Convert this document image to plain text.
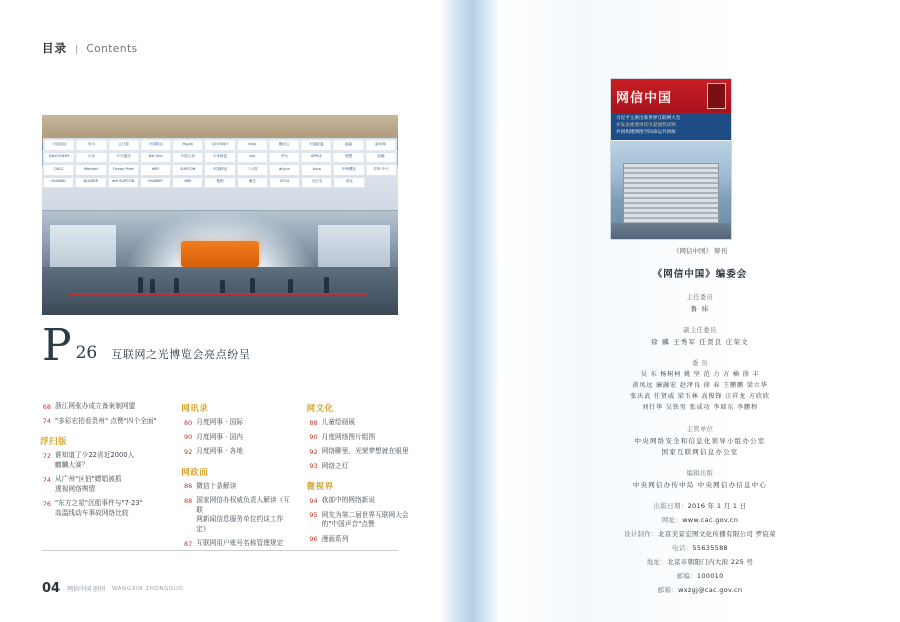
目录 | Contents
中国电信	华为	云计算	中国移动	P&afe	CESTNET	VISA	腾讯云	中国联通	滴滴	新华网
DISCOVERY	小米	中兴通讯	Bai Shu	中国人寿	小米科技	yes	华为	APPLE	联想	浪潮
CNCC	Marriott	Ocean Print	WIFI	SUPCON	中国移动	三六零	aliyun	Aura	中科曙光	ZTE 中兴
HUAWEI	BLADER	wifi SUPCON	HUAWEI	IBM	搜狗	淘宝	CFCA	支付宝	用友
P 26 互联网之光博览会亮点纷呈
68 浙江网张办成立备案制网盟
74 "多彩宏拍看贵州" 点赞"四个全面"
浮扫版
72 谁知道了少22省近2000人
麒麟大赛？
74 从广州"区伯"嫖娼被抓
透视网络舆情
76 "东方之星"沉船事件与"7·23"
高温线动车事故网络比较
网讯录
80 月度网事 · 国际
90 月度网事 · 国内
92 月度网事 · 各地
网政面
86 微信十条解读
88 国家网信办权威负责人解读《互联
网新闻信息服务单位约谈工作定》
87 互联网用户账号名称管理规定
网文化
88 儿童绘画展
90 月度网络图片组图
92 网络聊里、光荣梦想就在眼里
93 网络之灯
微视界
94 我部中的网络新说
95 网友为第二届世界互联网大会
的"中国声音"点赞
96 漫画系列
04 网信中国 创刊 WANGXIN ZHONGGUO
网信中国
习近平主席出席世界互联网大会
并发表重要讲话引起强烈反响
共同构建网络空间命运共同体
《网信中国》 辩刊
《网信中国》编委会
主任委员
鲁 炜
副主任委员
徐 麟 王秀军 任贤良 庄荣文
委 员
吴 东 杨树柯 姚 坚 范 力 方 楠 徐 丰
黄凤远 廉融宏 赵泽良 徐 春 王鹏鹏 梁立华
张庆武 任贤威 梁玉林 高俊锋 汪祥龙 方欣欣
刘行华 吴铁男 张成功 李瑞东 李鹏程
主管单位
中央网络安全和信息化领导小组办公室
国家互联网信息办公室
编辑出版
中央网信办传中局 中央网信办信息中心
出版日期：2016 年 1 月 1 日
网址：www.cac.gov.cn
设计制作：北京美景宏图文化传播有限公司 罗宸荣
电话：55635588
地址：北京市朝阳门内大街 225 号
邮编：100010
邮箱：wxzgj@cac.gov.cn
